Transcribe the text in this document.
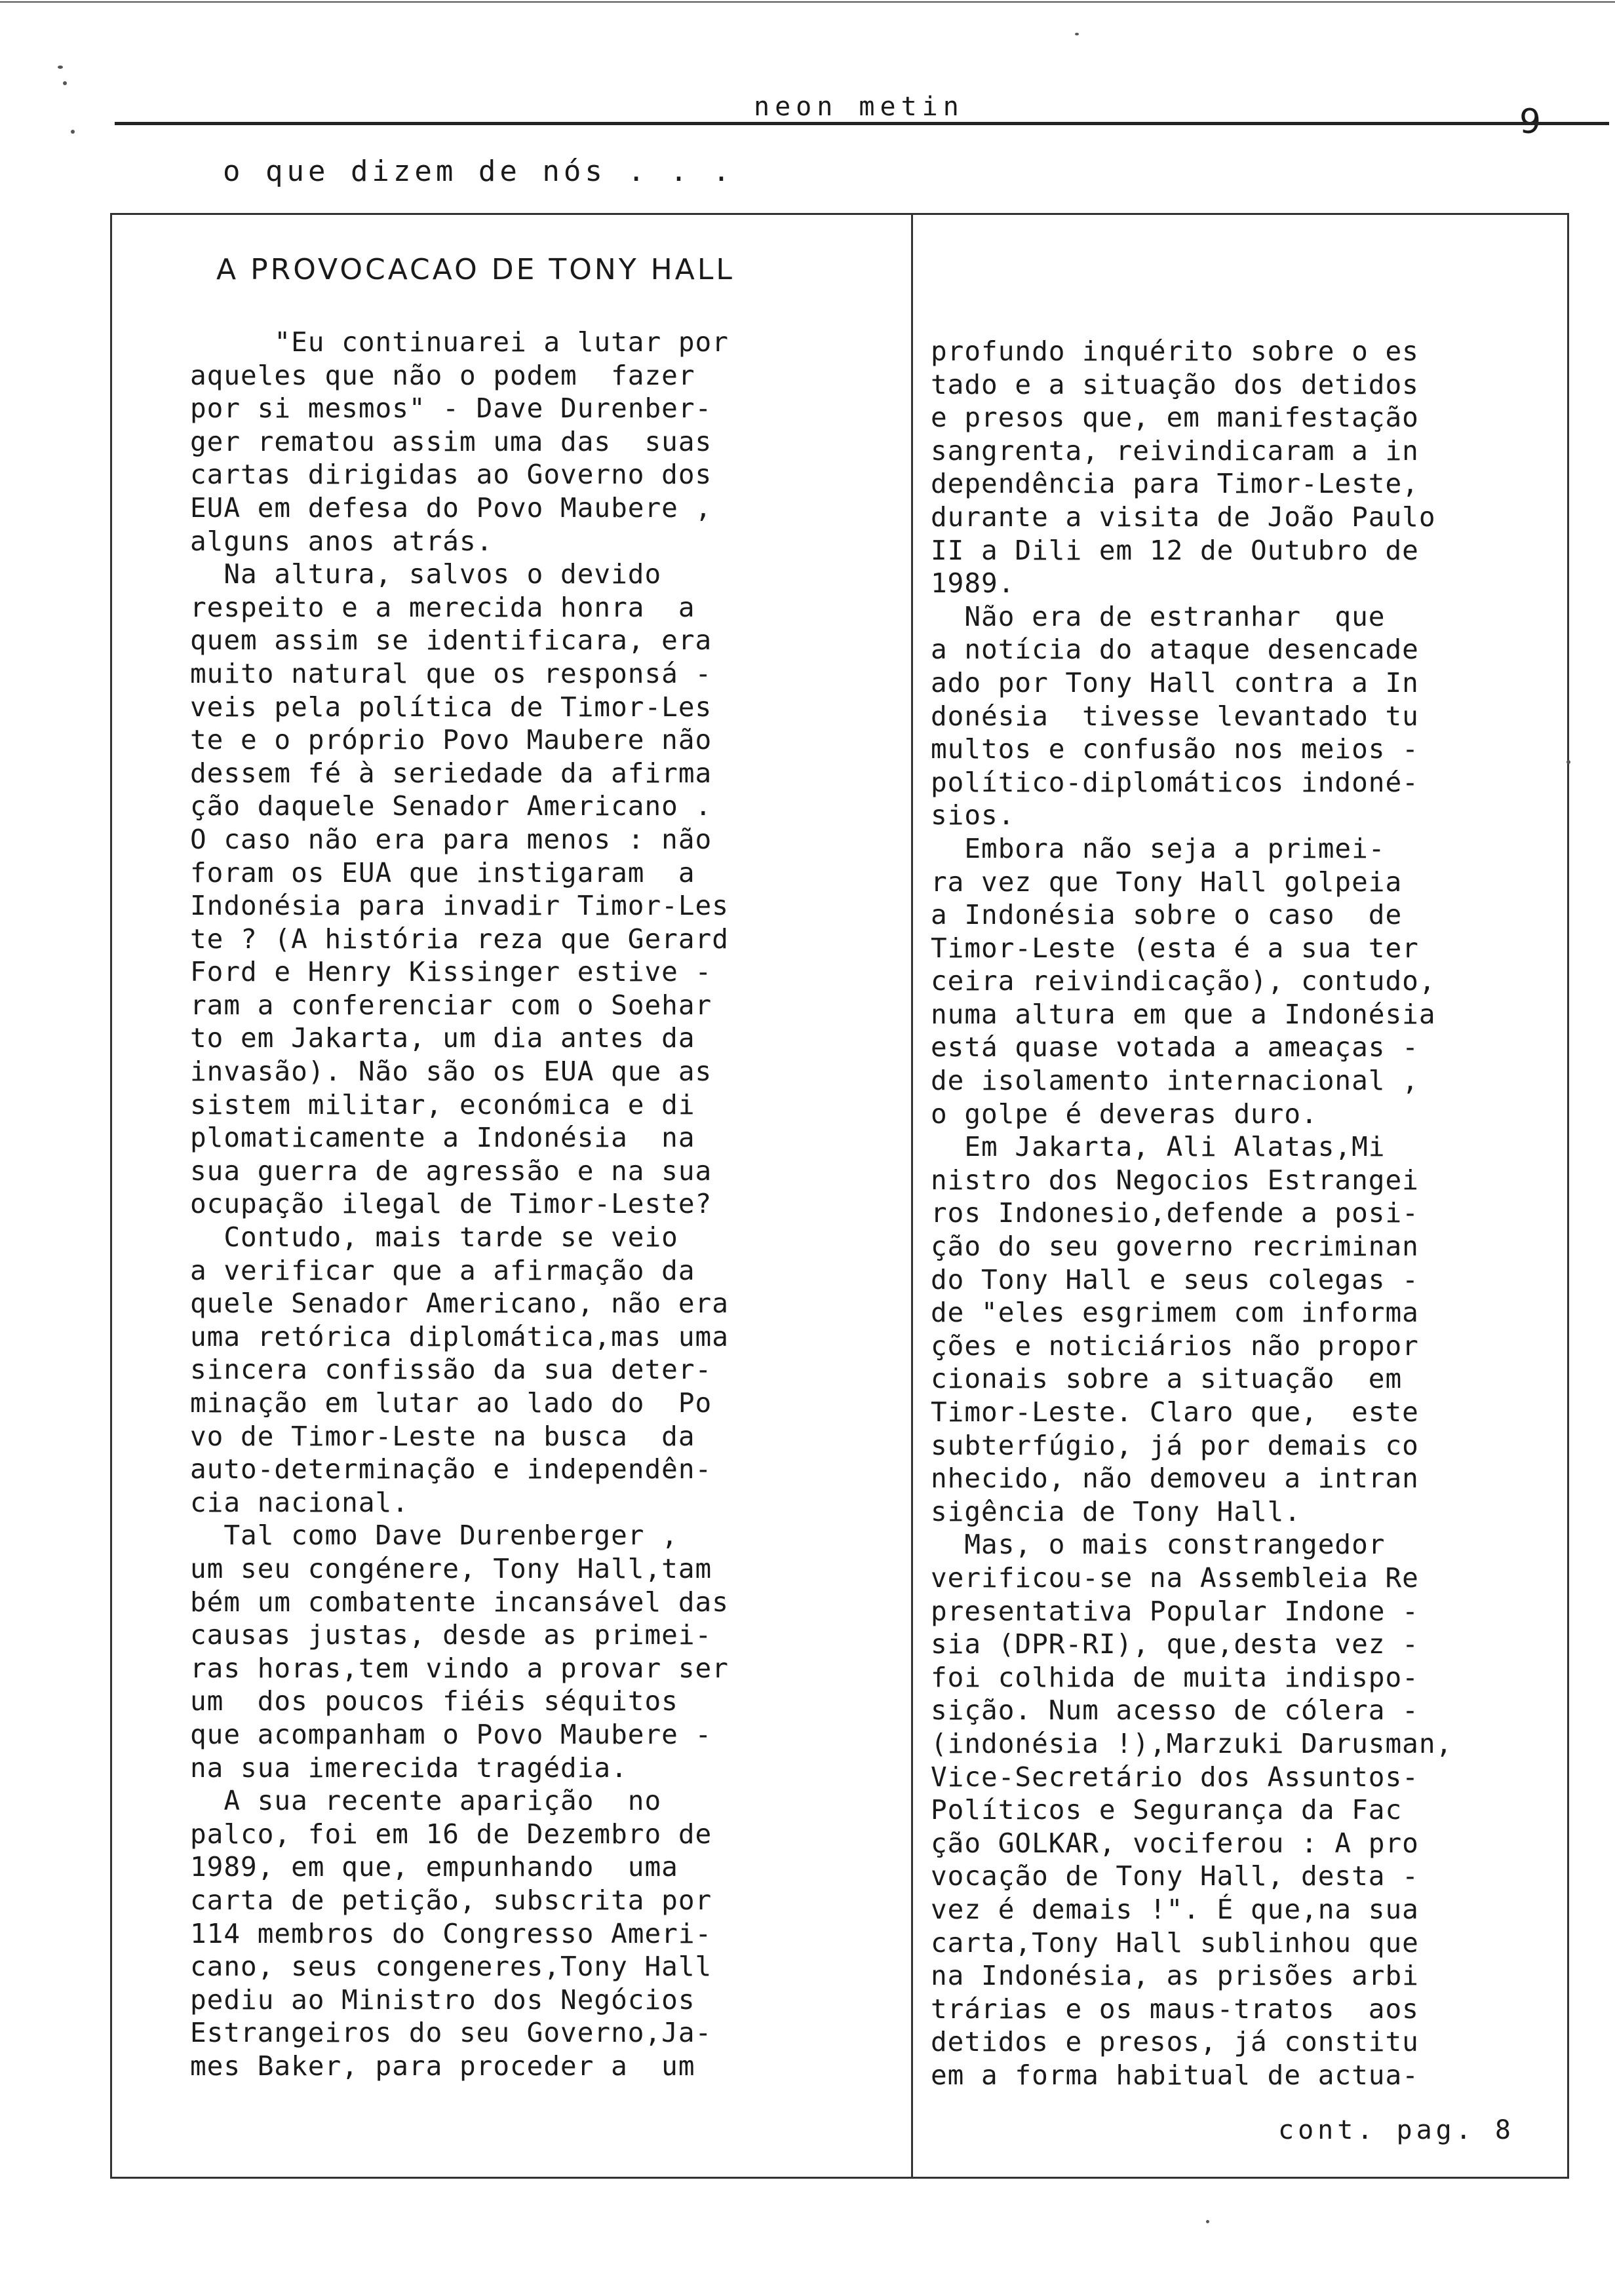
neon metin	9
o que dizem de nós . . .
A PROVOCACAO DE TONY HALL
"Eu continuarei a lutar por
aqueles que não o podem  fazer
por si mesmos" - Dave Durenber-
ger rematou assim uma das  suas
cartas dirigidas ao Governo dos
EUA em defesa do Povo Maubere ,
alguns anos atrás.
Na altura, salvos o devido
respeito e a merecida honra  a
quem assim se identificara, era
muito natural que os responsá -
veis pela política de Timor-Les
te e o próprio Povo Maubere não
dessem fé à seriedade da afirma
ção daquele Senador Americano .
O caso não era para menos : não
foram os EUA que instigaram  a
Indonésia para invadir Timor-Les
te ? (A história reza que Gerard
Ford e Henry Kissinger estive -
ram a conferenciar com o Soehar
to em Jakarta, um dia antes da
invasão). Não são os EUA que as
sistem militar, económica e di
plomaticamente a Indonésia  na
sua guerra de agressão e na sua
ocupação ilegal de Timor-Leste?
Contudo, mais tarde se veio
a verificar que a afirmação da
quele Senador Americano, não era
uma retórica diplomática,mas uma
sincera confissão da sua deter-
minação em lutar ao lado do  Po
vo de Timor-Leste na busca  da
auto-determinação e independên-
cia nacional.
Tal como Dave Durenberger ,
um seu congénere, Tony Hall,tam
bém um combatente incansável das
causas justas, desde as primei-
ras horas,tem vindo a provar ser
um  dos poucos fiéis séquitos
que acompanham o Povo Maubere -
na sua imerecida tragédia.
A sua recente aparição  no
palco, foi em 16 de Dezembro de
1989, em que, empunhando  uma
carta de petição, subscrita por
114 membros do Congresso Ameri-
cano, seus congeneres,Tony Hall
pediu ao Ministro dos Negócios
Estrangeiros do seu Governo,Ja-
mes Baker, para proceder a  um
profundo inquérito sobre o es
tado e a situação dos detidos
e presos que, em manifestação
sangrenta, reivindicaram a in
dependência para Timor-Leste,
durante a visita de João Paulo
II a Dili em 12 de Outubro de
1989.
Não era de estranhar  que
a notícia do ataque desencade
ado por Tony Hall contra a In
donésia  tivesse levantado tu
multos e confusão nos meios -
político-diplomáticos indoné-
sios.
Embora não seja a primei-
ra vez que Tony Hall golpeia
a Indonésia sobre o caso  de
Timor-Leste (esta é a sua ter
ceira reivindicação), contudo,
numa altura em que a Indonésia
está quase votada a ameaças -
de isolamento internacional ,
o golpe é deveras duro.
Em Jakarta, Ali Alatas,Mi
nistro dos Negocios Estrangei
ros Indonesio,defende a posi-
ção do seu governo recriminan
do Tony Hall e seus colegas -
de "eles esgrimem com informa
ções e noticiários não propor
cionais sobre a situação  em
Timor-Leste. Claro que,  este
subterfúgio, já por demais co
nhecido, não demoveu a intran
sigência de Tony Hall.
Mas, o mais constrangedor
verificou-se na Assembleia Re
presentativa Popular Indone -
sia (DPR-RI), que,desta vez -
foi colhida de muita indispo-
sição. Num acesso de cólera -
(indonésia !),Marzuki Darusman,
Vice-Secretário dos Assuntos-
Políticos e Segurança da Fac
ção GOLKAR, vociferou : A pro
vocação de Tony Hall, desta -
vez é demais !". É que,na sua
carta,Tony Hall sublinhou que
na Indonésia, as prisões arbi
trárias e os maus-tratos  aos
detidos e presos, já constitu
em a forma habitual de actua-
cont. pag. 8
